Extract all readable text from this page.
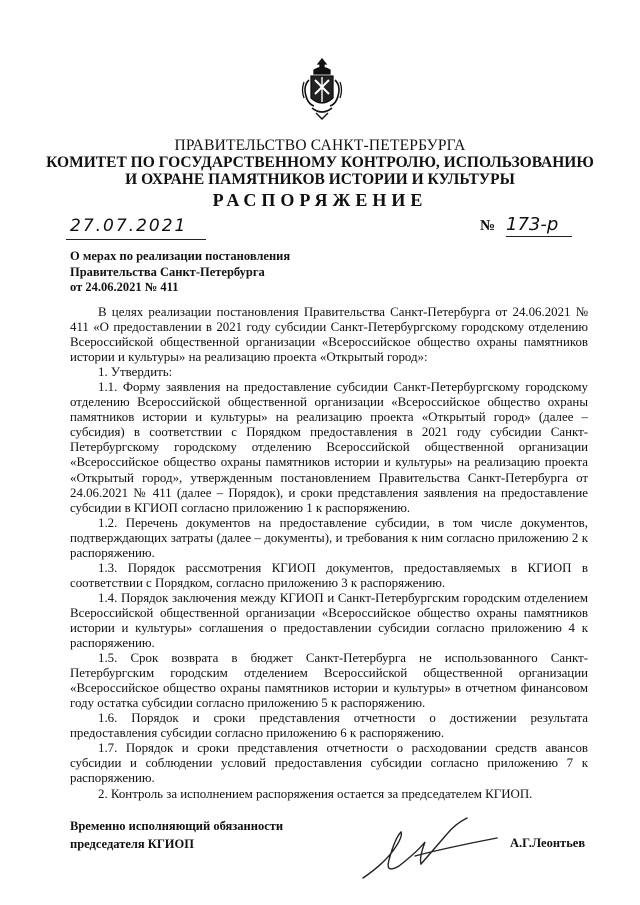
ПРАВИТЕЛЬСТВО САНКТ-ПЕТЕРБУРГА
КОМИТЕТ ПО ГОСУДАРСТВЕННОМУ КОНТРОЛЮ, ИСПОЛЬЗОВАНИЮ
И ОХРАНЕ ПАМЯТНИКОВ ИСТОРИИ И КУЛЬТУРЫ
РАСПОРЯЖЕНИЕ
27.07.2021	№ 173-р
О мерах по реализации постановления
Правительства Санкт-Петербурга
от 24.06.2021 № 411

В целях реализации постановления Правительства Санкт-Петербурга от 24.06.2021 № 411 «О предоставлении в 2021 году субсидии Санкт-Петербургскому городскому отделению Всероссийской общественной организации «Всероссийское общество охраны памятников истории и культуры» на реализацию проекта «Открытый город»:

1. Утвердить:

1.1. Форму заявления на предоставление субсидии Санкт-Петербургскому городскому отделению Всероссийской общественной организации «Всероссийское общество охраны памятников истории и культуры» на реализацию проекта «Открытый город» (далее – субсидия) в соответствии с Порядком предоставления в 2021 году субсидии Санкт-Петербургскому городскому отделению Всероссийской общественной организации «Всероссийское общество охраны памятников истории и культуры» на реализацию проекта «Открытый город», утвержденным постановлением Правительства Санкт-Петербурга от 24.06.2021 № 411 (далее – Порядок), и сроки представления заявления на предоставление субсидии в КГИОП согласно приложению 1 к распоряжению.

1.2. Перечень документов на предоставление субсидии, в том числе документов, подтверждающих затраты (далее – документы), и требования к ним согласно приложению 2 к распоряжению.

1.3. Порядок рассмотрения КГИОП документов, предоставляемых в КГИОП в соответствии с Порядком, согласно приложению 3 к распоряжению.

1.4. Порядок заключения между КГИОП и Санкт-Петербургским городским отделением Всероссийской общественной организации «Всероссийское общество охраны памятников истории и культуры» соглашения о предоставлении субсидии согласно приложению 4 к распоряжению.

1.5. Срок возврата в бюджет Санкт-Петербурга не использованного Санкт-Петербургским городским отделением Всероссийской общественной организации «Всероссийское общество охраны памятников истории и культуры» в отчетном финансовом году остатка субсидии согласно приложению 5 к распоряжению.

1.6. Порядок и сроки представления отчетности о достижении результата предоставления субсидии согласно приложению 6 к распоряжению.

1.7. Порядок и сроки представления отчетности о расходовании средств авансов субсидии и соблюдении условий предоставления субсидии согласно приложению 7 к распоряжению.

2. Контроль за исполнением распоряжения остается за председателем КГИОП.

Временно исполняющий обязанности
председателя КГИОП	А.Г.Леонтьев
